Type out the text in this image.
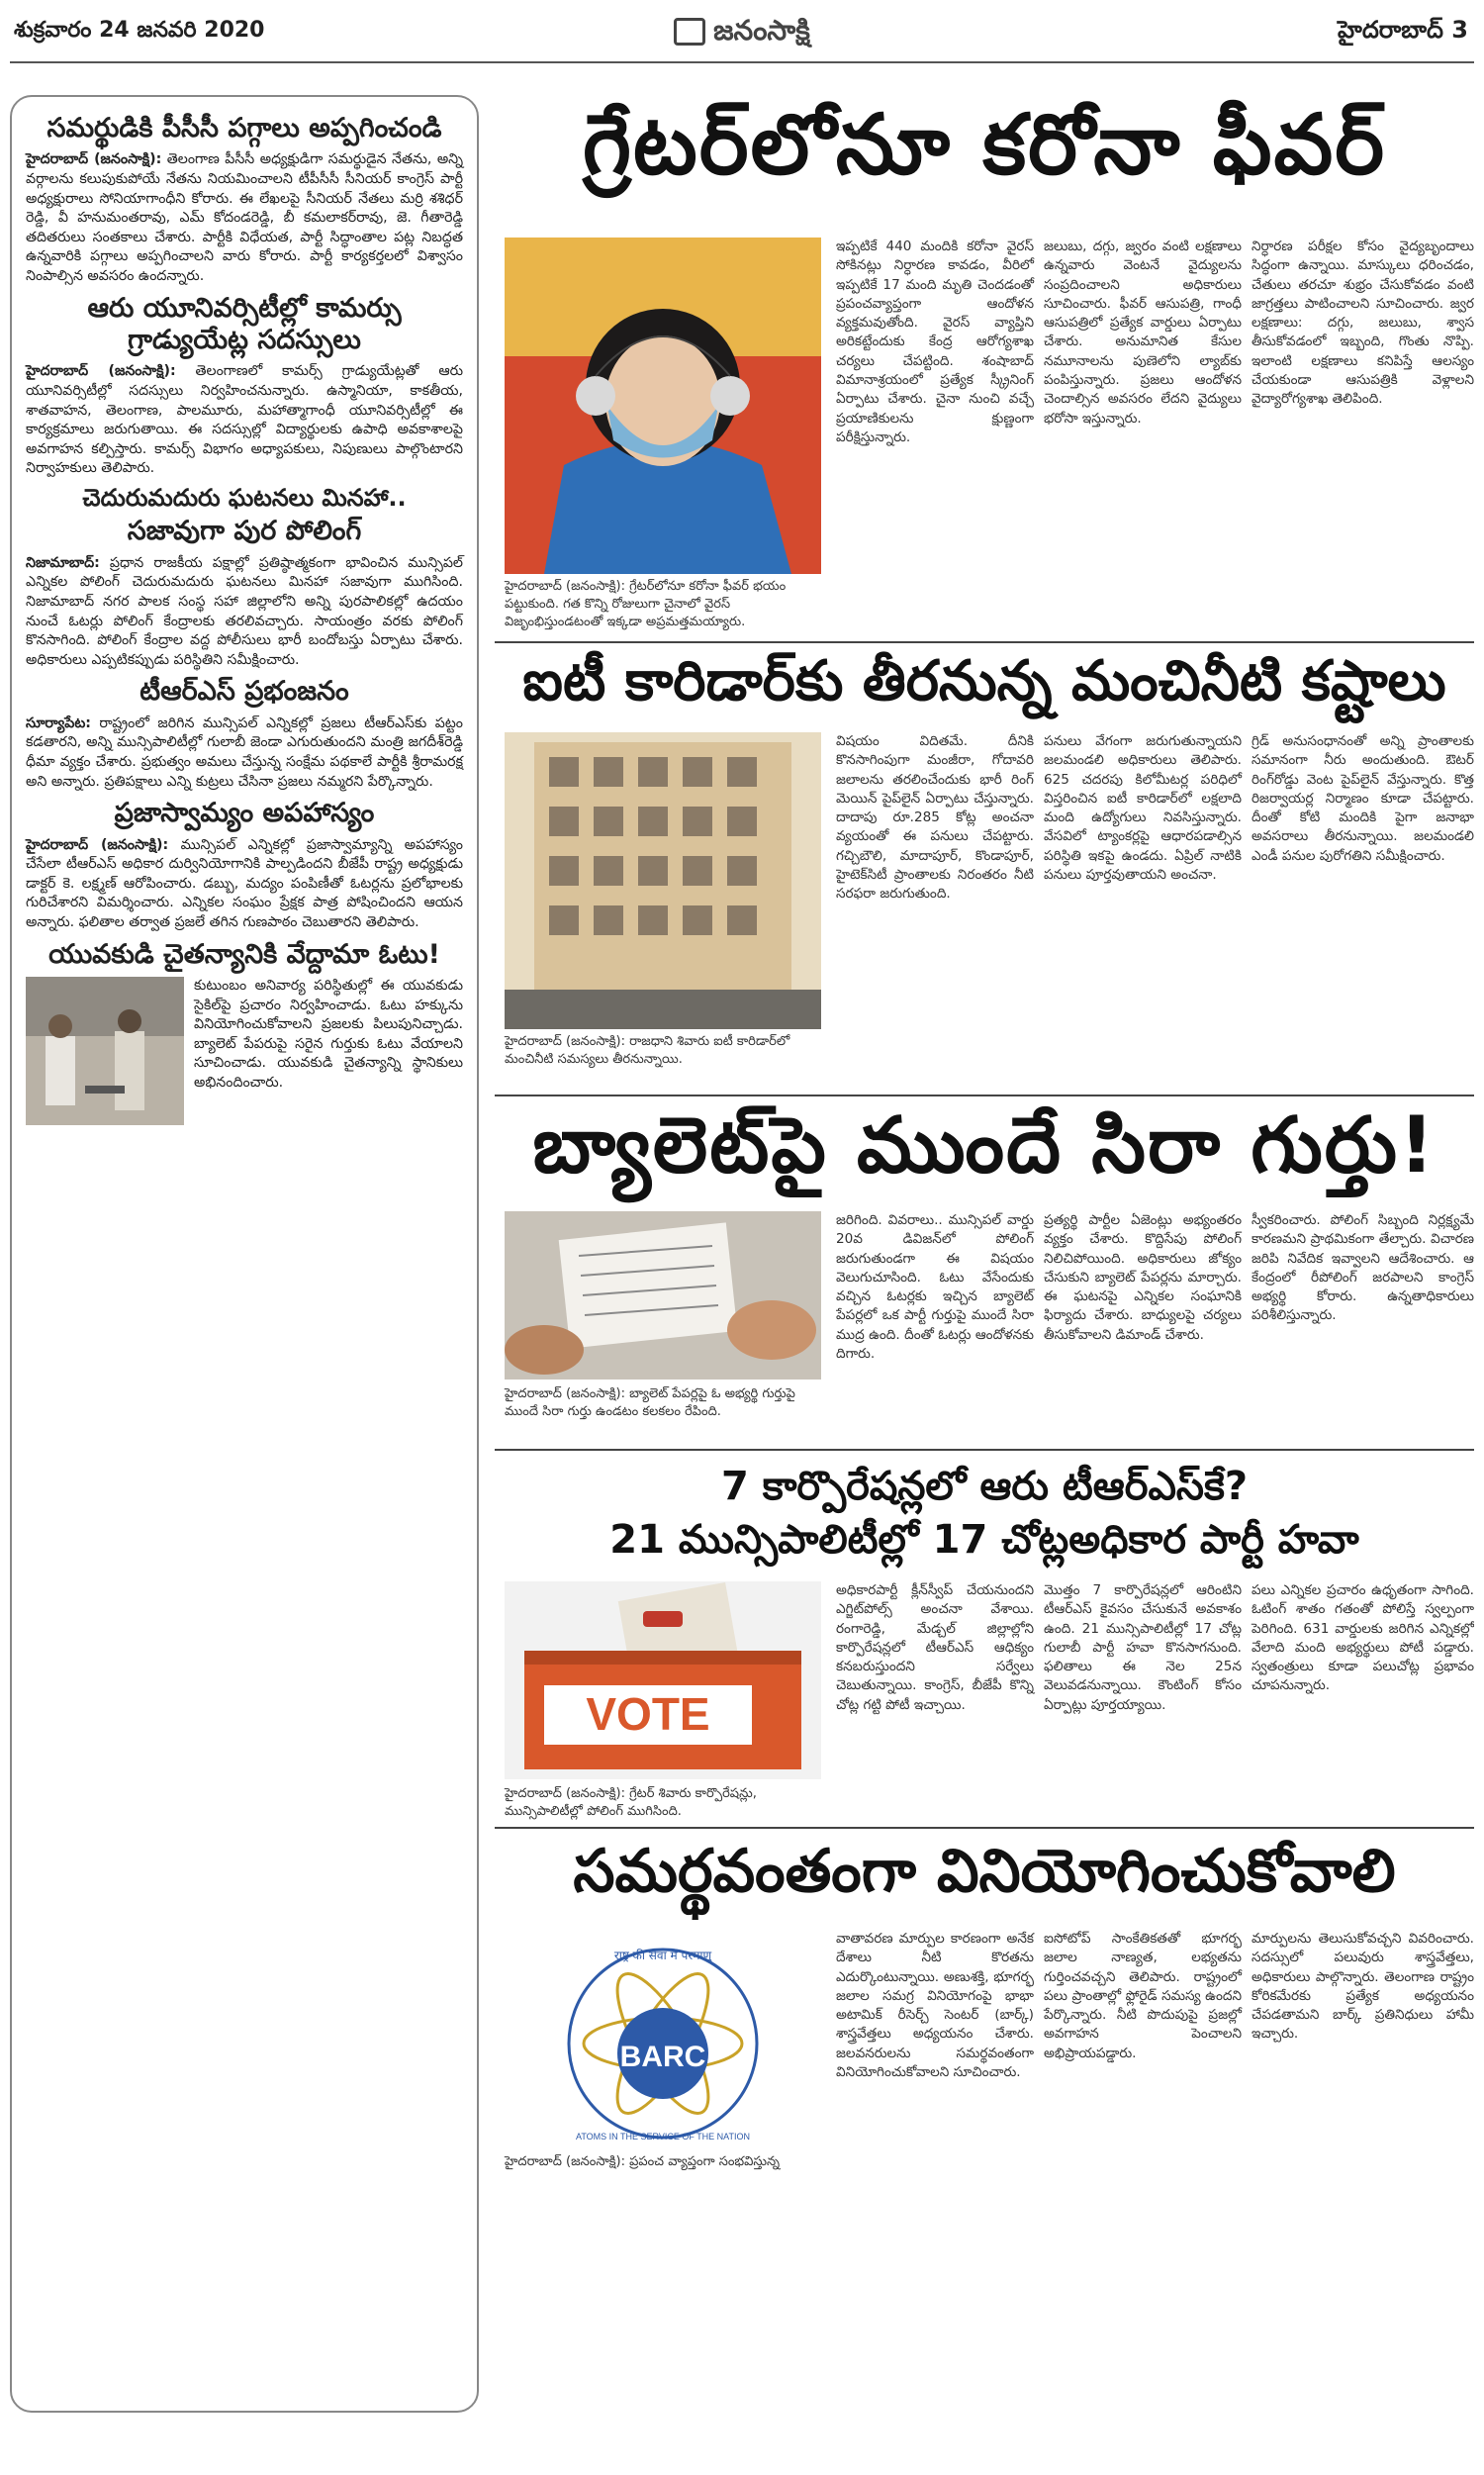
శుక్రవారం 24 జనవరి 2020	జనంసాక్షి	హైదరాబాద్ 3
సమర్థుడికి పీసీసీ పగ్గాలు అప్పగించండి

హైదరాబాద్‌ (జనంసాక్షి): తెలంగాణ పీసీసీ అధ్యక్షుడిగా సమర్థుడైన నేతను, అన్ని వర్గాలను కలుపుకుపోయే నేతను నియమించాలని టీపీసీసీ సీనియర్‌ కాంగ్రెస్‌ పార్టీ అధ్యక్షురాలు సోనియాగాంధీని కోరారు. ఈ లేఖలపై సీనియర్‌ నేతలు మర్రి శశిధర్‌ రెడ్డి, వీ హనుమంతరావు, ఎమ్‌ కోదండరెడ్డి, బీ కమలాకర్‌రావు, జె. గీతారెడ్డి తదితరులు సంతకాలు చేశారు. పార్టీకి విధేయత, పార్టీ సిద్ధాంతాల పట్ల నిబద్ధత ఉన్నవారికి పగ్గాలు అప్పగించాలని వారు కోరారు. పార్టీ కార్యకర్తలలో విశ్వాసం నింపాల్సిన అవసరం ఉందన్నారు.

ఆరు యూనివర్సిటీల్లో కామర్సు గ్రాడ్యుయేట్ల సదస్సులు

హైదరాబాద్‌ (జనంసాక్షి): తెలంగాణలో కామర్స్‌ గ్రాడ్యుయేట్లతో ఆరు యూనివర్సిటీల్లో సదస్సులు నిర్వహించనున్నారు. ఉస్మానియా, కాకతీయ, శాతవాహన, తెలంగాణ, పాలమూరు, మహాత్మాగాంధీ యూనివర్సిటీల్లో ఈ కార్యక్రమాలు జరుగుతాయి. ఈ సదస్సుల్లో విద్యార్థులకు ఉపాధి అవకాశాలపై అవగాహన కల్పిస్తారు. కామర్స్‌ విభాగం అధ్యాపకులు, నిపుణులు పాల్గొంటారని నిర్వాహకులు తెలిపారు.

చెదురుమదురు ఘటనలు మినహా..
సజావుగా పుర పోలింగ్‌

నిజామాబాద్‌: ప్రధాన రాజకీయ పక్షాల్లో ప్రతిష్ఠాత్మకంగా భావించిన మున్సిపల్‌ ఎన్నికల పోలింగ్‌ చెదురుమదురు ఘటనలు మినహా సజావుగా ముగిసింది. నిజామాబాద్‌ నగర పాలక సంస్థ సహా జిల్లాలోని అన్ని పురపాలికల్లో ఉదయం నుంచే ఓటర్లు పోలింగ్‌ కేంద్రాలకు తరలివచ్చారు. సాయంత్రం వరకు పోలింగ్‌ కొనసాగింది. పోలింగ్‌ కేంద్రాల వద్ద పోలీసులు భారీ బందోబస్తు ఏర్పాటు చేశారు. అధికారులు ఎప్పటికప్పుడు పరిస్థితిని సమీక్షించారు.

టీఆర్‌ఎస్‌ ప్రభంజనం

సూర్యాపేట: రాష్ట్రంలో జరిగిన మున్సిపల్‌ ఎన్నికల్లో ప్రజలు టీఆర్‌ఎస్‌కు పట్టం కడతారని, అన్ని మున్సిపాలిటీల్లో గులాబీ జెండా ఎగురుతుందని మంత్రి జగదీశ్‌రెడ్డి ధీమా వ్యక్తం చేశారు. ప్రభుత్వం అమలు చేస్తున్న సంక్షేమ పథకాలే పార్టీకి శ్రీరామరక్ష అని అన్నారు. ప్రతిపక్షాలు ఎన్ని కుట్రలు చేసినా ప్రజలు నమ్మరని పేర్కొన్నారు.

ప్రజాస్వామ్యం అపహాస్యం

హైదరాబాద్‌ (జనంసాక్షి): మున్సిపల్‌ ఎన్నికల్లో ప్రజాస్వామ్యాన్ని అపహాస్యం చేసేలా టీఆర్‌ఎస్‌ అధికార దుర్వినియోగానికి పాల్పడిందని బీజేపీ రాష్ట్ర అధ్యక్షుడు డాక్టర్‌ కె. లక్ష్మణ్‌ ఆరోపించారు. డబ్బు, మద్యం పంపిణీతో ఓటర్లను ప్రలోభాలకు గురిచేశారని విమర్శించారు. ఎన్నికల సంఘం ప్రేక్షక పాత్ర పోషించిందని ఆయన అన్నారు. ఫలితాల తర్వాత ప్రజలే తగిన గుణపాఠం చెబుతారని తెలిపారు.

యువకుడి చైతన్యానికి వేద్దామా ఓటు!

కుటుంబం అనివార్య పరిస్థితుల్లో ఈ యువకుడు సైకిల్‌పై ప్రచారం నిర్వహించాడు. ఓటు హక్కును వినియోగించుకోవాలని ప్రజలకు పిలుపునిచ్చాడు. బ్యాలెట్‌ పేపరుపై సరైన గుర్తుకు ఓటు వేయాలని సూచించాడు. యువకుడి చైతన్యాన్ని స్థానికులు అభినందించారు.

గ్రేటర్‌లోనూ కరోనా ఫీవర్‌
హైదరాబాద్‌ (జనంసాక్షి): గ్రేటర్‌లోనూ కరోనా ఫీవర్‌ భయం పట్టుకుంది. గత కొన్ని రోజులుగా చైనాలో వైరస్‌ విజృంభిస్తుండటంతో ఇక్కడా అప్రమత్తమయ్యారు.
ఇప్పటికే 440 మందికి కరోనా వైరస్‌ సోకినట్లు నిర్ధారణ కావడం, వీరిలో ఇప్పటికే 17 మంది మృతి చెందడంతో ప్రపంచవ్యాప్తంగా ఆందోళన వ్యక్తమవుతోంది. వైరస్‌ వ్యాప్తిని అరికట్టేందుకు కేంద్ర ఆరోగ్యశాఖ చర్యలు చేపట్టింది. శంషాబాద్‌ విమానాశ్రయంలో ప్రత్యేక స్క్రీనింగ్‌ ఏర్పాటు చేశారు. చైనా నుంచి వచ్చే ప్రయాణికులను క్షుణ్ణంగా పరీక్షిస్తున్నారు.
జలుబు, దగ్గు, జ్వరం వంటి లక్షణాలు ఉన్నవారు వెంటనే వైద్యులను సంప్రదించాలని అధికారులు సూచించారు. ఫీవర్‌ ఆసుపత్రి, గాంధీ ఆసుపత్రిలో ప్రత్యేక వార్డులు ఏర్పాటు చేశారు. అనుమానిత కేసుల నమూనాలను పుణెలోని ల్యాబ్‌కు పంపిస్తున్నారు. ప్రజలు ఆందోళన చెందాల్సిన అవసరం లేదని వైద్యులు భరోసా ఇస్తున్నారు.
నిర్ధారణ పరీక్షల కోసం వైద్యబృందాలు సిద్ధంగా ఉన్నాయి. మాస్కులు ధరించడం, చేతులు తరచూ శుభ్రం చేసుకోవడం వంటి జాగ్రత్తలు పాటించాలని సూచించారు. జ్వర లక్షణాలు: దగ్గు, జలుబు, శ్వాస తీసుకోవడంలో ఇబ్బంది, గొంతు నొప్పి. ఇలాంటి లక్షణాలు కనిపిస్తే ఆలస్యం చేయకుండా ఆసుపత్రికి వెళ్లాలని వైద్యారోగ్యశాఖ తెలిపింది.
ఐటీ కారిడార్‌కు తీరనున్న మంచినీటి కష్టాలు
హైదరాబాద్‌ (జనంసాక్షి): రాజధాని శివారు ఐటీ కారిడార్‌లో మంచినీటి సమస్యలు తీరనున్నాయి.
విషయం విదితమే. దీనికి కొనసాగింపుగా మంజీరా, గోదావరి జలాలను తరలించేందుకు భారీ రింగ్‌ మెయిన్‌ పైప్‌లైన్‌ ఏర్పాటు చేస్తున్నారు. దాదాపు రూ.285 కోట్ల అంచనా వ్యయంతో ఈ పనులు చేపట్టారు. గచ్చిబౌలి, మాదాపూర్‌, కొండాపూర్‌, హైటెక్‌సిటీ ప్రాంతాలకు నిరంతరం నీటి సరఫరా జరుగుతుంది.
పనులు వేగంగా జరుగుతున్నాయని జలమండలి అధికారులు తెలిపారు. 625 చదరపు కిలోమీటర్ల పరిధిలో విస్తరించిన ఐటీ కారిడార్‌లో లక్షలాది మంది ఉద్యోగులు నివసిస్తున్నారు. వేసవిలో ట్యాంకర్లపై ఆధారపడాల్సిన పరిస్థితి ఇకపై ఉండదు. ఏప్రిల్‌ నాటికి పనులు పూర్తవుతాయని అంచనా.
గ్రిడ్‌ అనుసంధానంతో అన్ని ప్రాంతాలకు సమానంగా నీరు అందుతుంది. ఔటర్‌ రింగ్‌రోడ్డు వెంట పైప్‌లైన్‌ వేస్తున్నారు. కొత్త రిజర్వాయర్ల నిర్మాణం కూడా చేపట్టారు. దీంతో కోటి మందికి పైగా జనాభా అవసరాలు తీరనున్నాయి. జలమండలి ఎండీ పనుల పురోగతిని సమీక్షించారు.
బ్యాలెట్‌పై ముందే సిరా గుర్తు!
హైదరాబాద్‌ (జనంసాక్షి): బ్యాలెట్‌ పేపర్లపై ఓ అభ్యర్థి గుర్తుపై ముందే సిరా గుర్తు ఉండటం కలకలం రేపింది.
జరిగింది. వివరాలు.. మున్సిపల్‌ వార్డు 20వ డివిజన్‌లో పోలింగ్‌ జరుగుతుండగా ఈ విషయం వెలుగుచూసింది. ఓటు వేసేందుకు వచ్చిన ఓటర్లకు ఇచ్చిన బ్యాలెట్‌ పేపర్లలో ఒక పార్టీ గుర్తుపై ముందే సిరా ముద్ర ఉంది. దీంతో ఓటర్లు ఆందోళనకు దిగారు.
ప్రత్యర్థి పార్టీల ఏజెంట్లు అభ్యంతరం వ్యక్తం చేశారు. కొద్దిసేపు పోలింగ్‌ నిలిచిపోయింది. అధికారులు జోక్యం చేసుకుని బ్యాలెట్‌ పేపర్లను మార్చారు. ఈ ఘటనపై ఎన్నికల సంఘానికి ఫిర్యాదు చేశారు. బాధ్యులపై చర్యలు తీసుకోవాలని డిమాండ్‌ చేశారు.
స్వీకరించారు. పోలింగ్‌ సిబ్బంది నిర్లక్ష్యమే కారణమని ప్రాథమికంగా తేల్చారు. విచారణ జరిపి నివేదిక ఇవ్వాలని ఆదేశించారు. ఆ కేంద్రంలో రీపోలింగ్‌ జరపాలని కాంగ్రెస్‌ అభ్యర్థి కోరారు. ఉన్నతాధికారులు పరిశీలిస్తున్నారు.
7 కార్పొరేషన్లలో ఆరు టీఆర్‌ఎస్‌కే?
21 మున్సిపాలిటీల్లో 17 చోట్లఅధికార పార్టీ హవా
VOTE
హైదరాబాద్‌ (జనంసాక్షి): గ్రేటర్‌ శివారు కార్పొరేషన్లు, మున్సిపాలిటీల్లో పోలింగ్‌ ముగిసింది.
అధికారపార్టీ క్లీన్‌స్వీప్‌ చేయనుందని ఎగ్జిట్‌పోల్స్‌ అంచనా వేశాయి. రంగారెడ్డి, మేడ్చల్‌ జిల్లాల్లోని కార్పొరేషన్లలో టీఆర్‌ఎస్‌ ఆధిక్యం కనబరుస్తుందని సర్వేలు చెబుతున్నాయి. కాంగ్రెస్‌, బీజేపీ కొన్ని చోట్ల గట్టి పోటీ ఇచ్చాయి.
మొత్తం 7 కార్పొరేషన్లలో ఆరింటిని టీఆర్‌ఎస్‌ కైవసం చేసుకునే అవకాశం ఉంది. 21 మున్సిపాలిటీల్లో 17 చోట్ల గులాబీ పార్టీ హవా కొనసాగనుంది. ఫలితాలు ఈ నెల 25న వెలువడనున్నాయి. కౌంటింగ్‌ కోసం ఏర్పాట్లు పూర్తయ్యాయి.
పలు ఎన్నికల ప్రచారం ఉధృతంగా సాగింది. ఓటింగ్‌ శాతం గతంతో పోలిస్తే స్వల్పంగా పెరిగింది. 631 వార్డులకు జరిగిన ఎన్నికల్లో వేలాది మంది అభ్యర్థులు పోటీ పడ్డారు. స్వతంత్రులు కూడా పలుచోట్ల ప్రభావం చూపనున్నారు.
సమర్థవంతంగా వినియోగించుకోవాలి
BARC
राष्ट्र की सेवा में परमाणु
ATOMS IN THE SERVICE OF THE NATION
హైదరాబాద్‌ (జనంసాక్షి): ప్రపంచ వ్యాప్తంగా సంభవిస్తున్న
వాతావరణ మార్పుల కారణంగా అనేక దేశాలు నీటి కొరతను ఎదుర్కొంటున్నాయి. అణుశక్తి, భూగర్భ జలాల సమగ్ర వినియోగంపై భాభా అటామిక్‌ రీసెర్చ్‌ సెంటర్‌ (బార్క్‌) శాస్త్రవేత్తలు అధ్యయనం చేశారు. జలవనరులను సమర్థవంతంగా వినియోగించుకోవాలని సూచించారు.
ఐసోటోప్‌ సాంకేతికతతో భూగర్భ జలాల నాణ్యత, లభ్యతను గుర్తించవచ్చని తెలిపారు. రాష్ట్రంలో పలు ప్రాంతాల్లో ఫ్లోరైడ్‌ సమస్య ఉందని పేర్కొన్నారు. నీటి పొదుపుపై ప్రజల్లో అవగాహన పెంచాలని అభిప్రాయపడ్డారు.
మార్పులను తెలుసుకోవచ్చని వివరించారు. సదస్సులో పలువురు శాస్త్రవేత్తలు, అధికారులు పాల్గొన్నారు. తెలంగాణ రాష్ట్రం కోరికమేరకు ప్రత్యేక అధ్యయనం చేపడతామని బార్క్‌ ప్రతినిధులు హామీ ఇచ్చారు.
